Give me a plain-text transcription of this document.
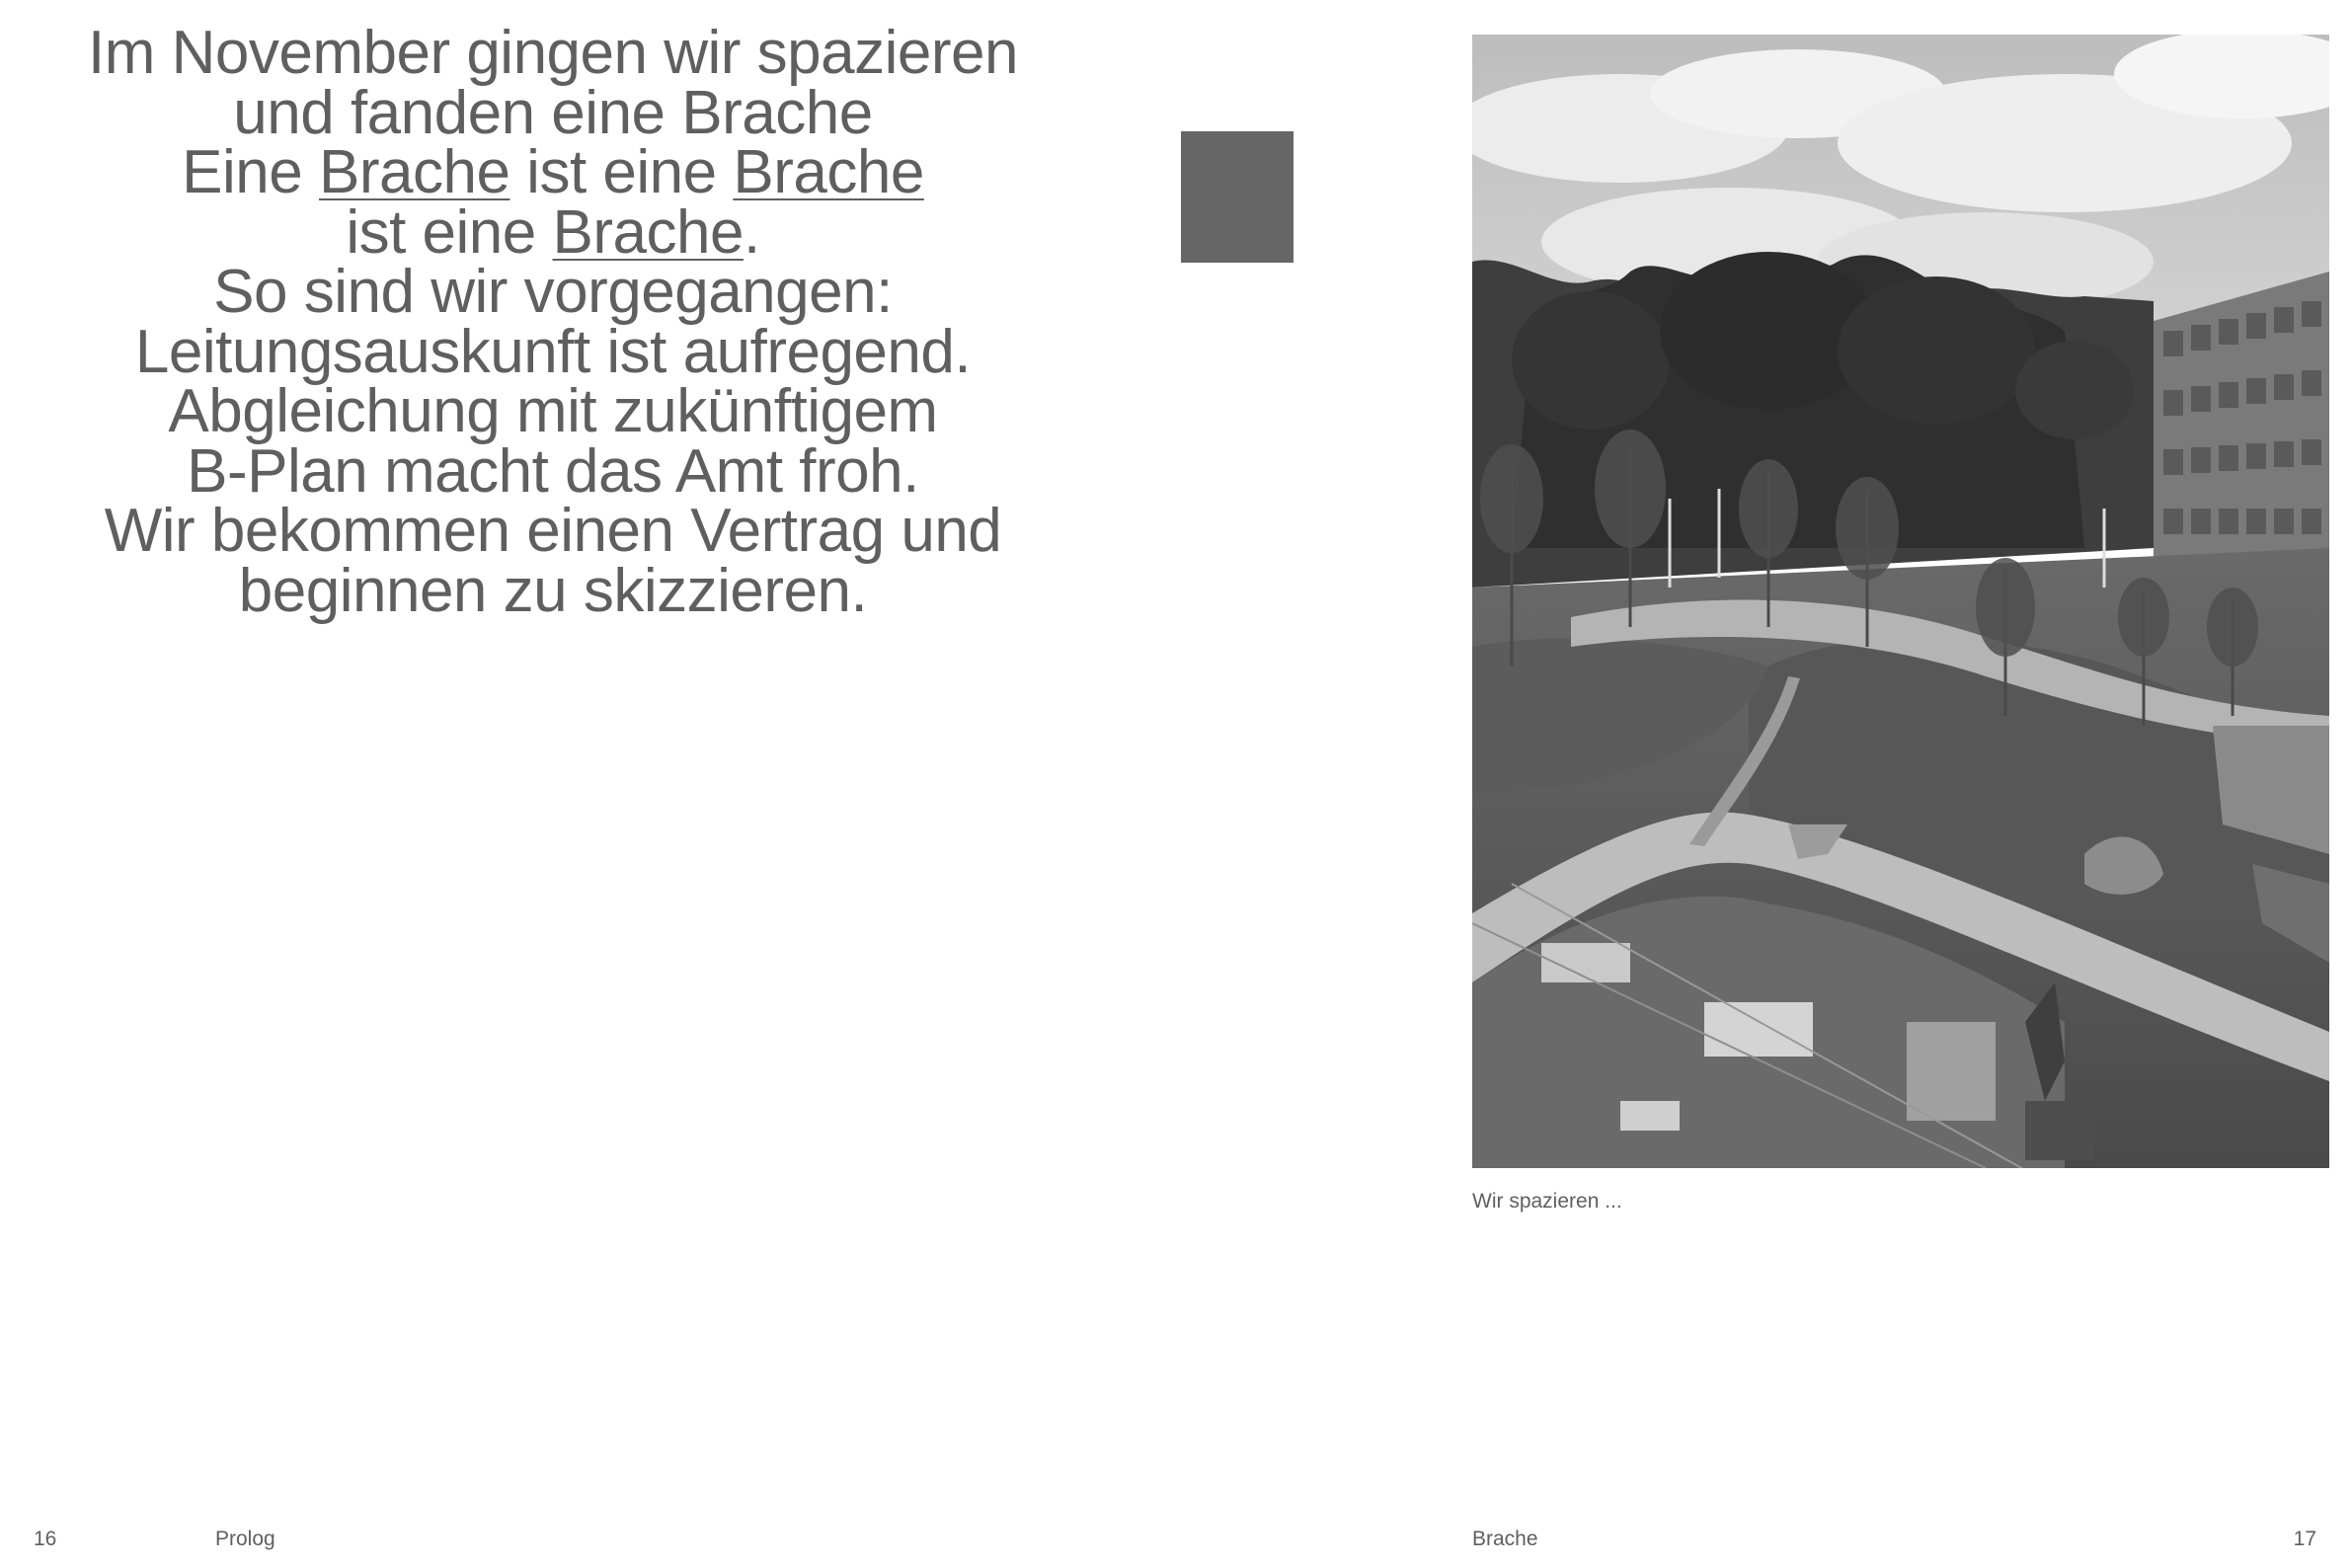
Im November gingen wir spazieren
und fanden eine Brache
Eine Brache ist eine Brache
ist eine Brache.
So sind wir vorgegangen:
Leitungsauskunft ist aufregend.
Abgleichung mit zukünftigem
B-Plan macht das Amt froh.
Wir bekommen einen Vertrag und
beginnen zu skizzieren.

Wir spazieren ...
16	Prolog	Brache	17
